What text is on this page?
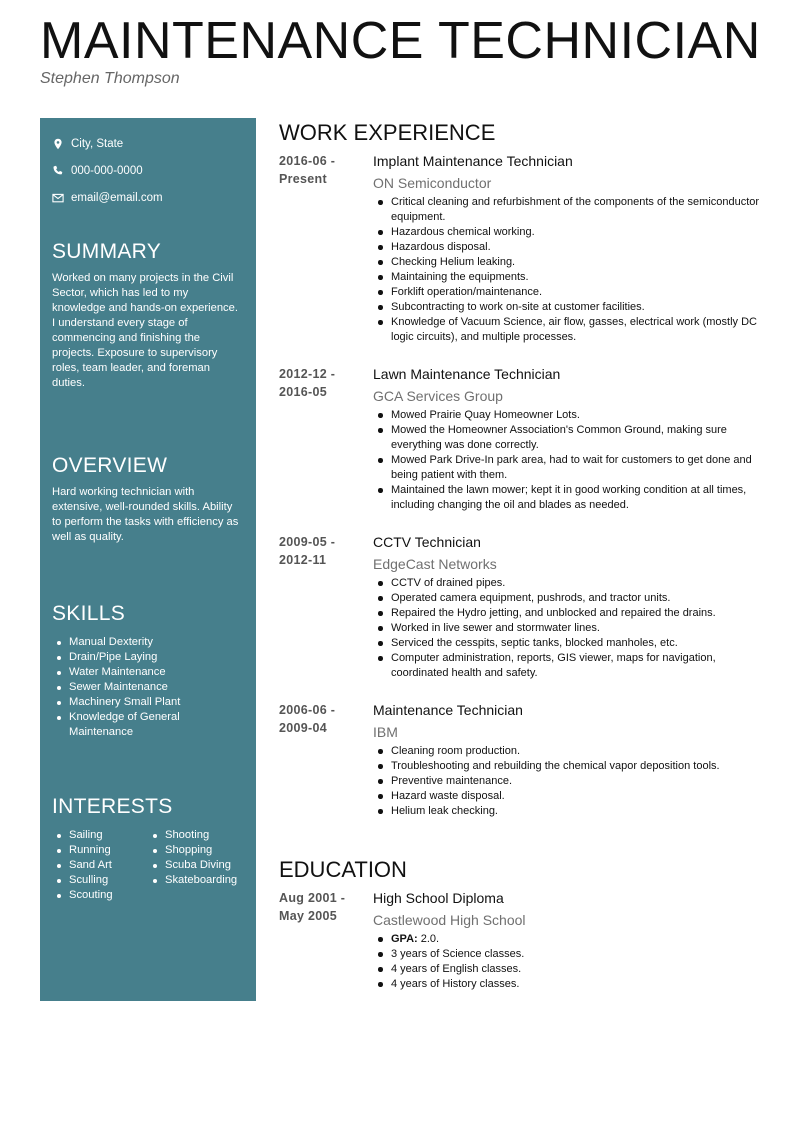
MAINTENANCE TECHNICIAN
Stephen Thompson
City, State
000-000-0000
email@email.com
SUMMARY
Worked on many projects in the Civil Sector, which has led to my knowledge and hands-on experience. I understand every stage of commencing and finishing the projects. Exposure to supervisory roles, team leader, and foreman duties.
OVERVIEW
Hard working technician with extensive, well-rounded skills. Ability to perform the tasks with efficiency as well as quality.
SKILLS
Manual Dexterity
Drain/Pipe Laying
Water Maintenance
Sewer Maintenance
Machinery Small Plant
Knowledge of General Maintenance
INTERESTS
Sailing
Running
Sand Art
Sculling
Scouting
Shooting
Shopping
Scuba Diving
Skateboarding
WORK EXPERIENCE
2016-06 -
Present
Implant Maintenance Technician
ON Semiconductor
Critical cleaning and refurbishment of the components of the semiconductor equipment.
Hazardous chemical working.
Hazardous disposal.
Checking Helium leaking.
Maintaining the equipments.
Forklift operation/maintenance.
Subcontracting to work on-site at customer facilities.
Knowledge of Vacuum Science, air flow, gasses, electrical work (mostly DC logic circuits), and multiple processes.
2012-12 -
2016-05
Lawn Maintenance Technician
GCA Services Group
Mowed Prairie Quay Homeowner Lots.
Mowed the Homeowner Association's Common Ground, making sure everything was done correctly.
Mowed Park Drive-In park area, had to wait for customers to get done and being patient with them.
Maintained the lawn mower; kept it in good working condition at all times, including changing the oil and blades as needed.
2009-05 -
2012-11
CCTV Technician
EdgeCast Networks
CCTV of drained pipes.
Operated camera equipment, pushrods, and tractor units.
Repaired the Hydro jetting, and unblocked and repaired the drains.
Worked in live sewer and stormwater lines.
Serviced the cesspits, septic tanks, blocked manholes, etc.
Computer administration, reports, GIS viewer, maps for navigation, coordinated health and safety.
2006-06 -
2009-04
Maintenance Technician
IBM
Cleaning room production.
Troubleshooting and rebuilding the chemical vapor deposition tools.
Preventive maintenance.
Hazard waste disposal.
Helium leak checking.
EDUCATION
Aug 2001 -
May 2005
High School Diploma
Castlewood High School
GPA: 2.0.
3 years of Science classes.
4 years of English classes.
4 years of History classes.
